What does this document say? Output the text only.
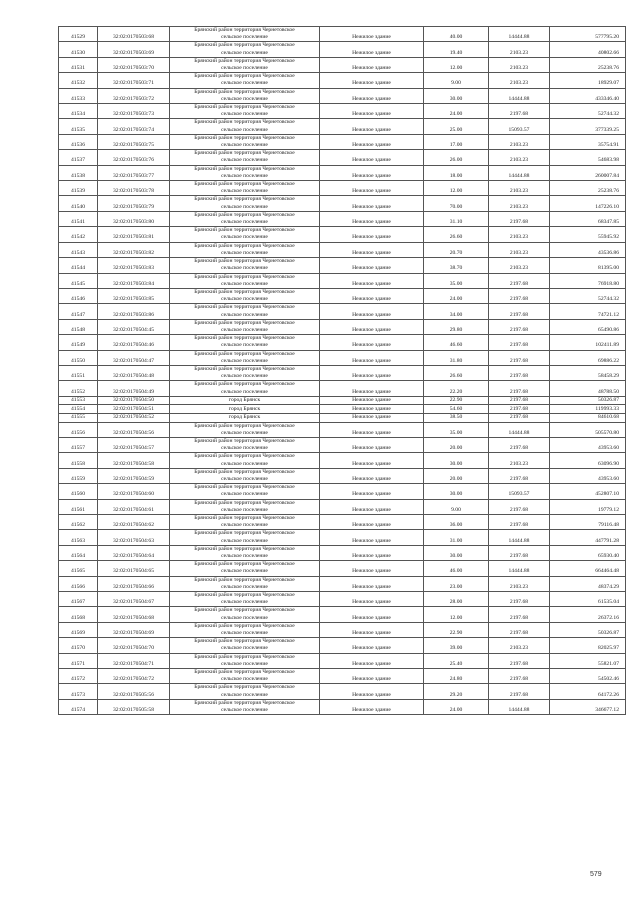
41529	32:02:0170503:68	Брянский район территория Чернетовское
сельское поселение	Нежилое здание	40.00	14444.88	577795.20
41530	32:02:0170503:69	Брянский район территория Чернетовское
сельское поселение	Нежилое здание	19.40	2103.23	40802.66
41531	32:02:0170503:70	Брянский район территория Чернетовское
сельское поселение	Нежилое здание	12.00	2103.23	25238.76
41532	32:02:0170503:71	Брянский район территория Чернетовское
сельское поселение	Нежилое здание	9.00	2103.23	18929.07
41533	32:02:0170503:72	Брянский район территория Чернетовское
сельское поселение	Нежилое здание	30.00	14444.88	433346.40
41534	32:02:0170503:73	Брянский район территория Чернетовское
сельское поселение	Нежилое здание	24.00	2197.68	52744.32
41535	32:02:0170503:74	Брянский район территория Чернетовское
сельское поселение	Нежилое здание	25.00	15093.57	377339.25
41536	32:02:0170503:75	Брянский район территория Чернетовское
сельское поселение	Нежилое здание	17.00	2103.23	35754.91
41537	32:02:0170503:76	Брянский район территория Чернетовское
сельское поселение	Нежилое здание	26.00	2103.23	54683.98
41538	32:02:0170503:77	Брянский район территория Чернетовское
сельское поселение	Нежилое здание	18.00	14444.88	260007.84
41539	32:02:0170503:78	Брянский район территория Чернетовское
сельское поселение	Нежилое здание	12.00	2103.23	25238.76
41540	32:02:0170503:79	Брянский район территория Чернетовское
сельское поселение	Нежилое здание	70.00	2103.23	147226.10
41541	32:02:0170503:80	Брянский район территория Чернетовское
сельское поселение	Нежилое здание	31.10	2197.68	68347.85
41542	32:02:0170503:81	Брянский район территория Чернетовское
сельское поселение	Нежилое здание	26.60	2103.23	55945.92
41543	32:02:0170503:82	Брянский район территория Чернетовское
сельское поселение	Нежилое здание	20.70	2103.23	43536.86
41544	32:02:0170503:83	Брянский район территория Чернетовское
сельское поселение	Нежилое здание	38.70	2103.23	81395.00
41545	32:02:0170503:84	Брянский район территория Чернетовское
сельское поселение	Нежилое здание	35.00	2197.68	76918.80
41546	32:02:0170503:85	Брянский район территория Чернетовское
сельское поселение	Нежилое здание	24.00	2197.68	52744.32
41547	32:02:0170503:86	Брянский район территория Чернетовское
сельское поселение	Нежилое здание	34.00	2197.68	74721.12
41548	32:02:0170504:45	Брянский район территория Чернетовское
сельское поселение	Нежилое здание	29.80	2197.68	65490.86
41549	32:02:0170504:46	Брянский район территория Чернетовское
сельское поселение	Нежилое здание	46.60	2197.68	102411.89
41550	32:02:0170504:47	Брянский район территория Чернетовское
сельское поселение	Нежилое здание	31.80	2197.68	69886.22
41551	32:02:0170504:48	Брянский район территория Чернетовское
сельское поселение	Нежилое здание	26.60	2197.68	58458.29
41552	32:02:0170504:49	Брянский район территория Чернетовское
сельское поселение	Нежилое здание	22.20	2197.68	48788.50
41553	32:02:0170504:50	город Брянск	Нежилое здание	22.90	2197.68	50326.87
41554	32:02:0170504:51	город Брянск	Нежилое здание	54.60	2197.68	119993.33
41555	32:02:0170504:52	город Брянск	Нежилое здание	38.50	2197.68	84610.68
41556	32:02:0170504:56	Брянский район территория Чернетовское
сельское поселение	Нежилое здание	35.00	14444.88	505570.80
41557	32:02:0170504:57	Брянский район территория Чернетовское
сельское поселение	Нежилое здание	20.00	2197.68	43953.60
41558	32:02:0170504:58	Брянский район территория Чернетовское
сельское поселение	Нежилое здание	30.00	2103.23	63096.90
41559	32:02:0170504:59	Брянский район территория Чернетовское
сельское поселение	Нежилое здание	20.00	2197.68	43953.60
41560	32:02:0170504:60	Брянский район территория Чернетовское
сельское поселение	Нежилое здание	30.00	15093.57	452807.10
41561	32:02:0170504:61	Брянский район территория Чернетовское
сельское поселение	Нежилое здание	9.00	2197.68	19779.12
41562	32:02:0170504:62	Брянский район территория Чернетовское
сельское поселение	Нежилое здание	36.00	2197.68	79116.48
41563	32:02:0170504:63	Брянский район территория Чернетовское
сельское поселение	Нежилое здание	31.00	14444.88	447791.28
41564	32:02:0170504:64	Брянский район территория Чернетовское
сельское поселение	Нежилое здание	30.00	2197.68	65930.40
41565	32:02:0170504:65	Брянский район территория Чернетовское
сельское поселение	Нежилое здание	46.00	14444.88	664464.48
41566	32:02:0170504:66	Брянский район территория Чернетовское
сельское поселение	Нежилое здание	23.00	2103.23	48374.29
41567	32:02:0170504:67	Брянский район территория Чернетовское
сельское поселение	Нежилое здание	28.00	2197.68	61535.04
41568	32:02:0170504:68	Брянский район территория Чернетовское
сельское поселение	Нежилое здание	12.00	2197.68	26372.16
41569	32:02:0170504:69	Брянский район территория Чернетовское
сельское поселение	Нежилое здание	22.90	2197.68	50326.87
41570	32:02:0170504:70	Брянский район территория Чернетовское
сельское поселение	Нежилое здание	39.00	2103.23	82025.97
41571	32:02:0170504:71	Брянский район территория Чернетовское
сельское поселение	Нежилое здание	25.40	2197.68	55821.07
41572	32:02:0170504:72	Брянский район территория Чернетовское
сельское поселение	Нежилое здание	24.80	2197.68	54502.46
41573	32:02:0170505:56	Брянский район территория Чернетовское
сельское поселение	Нежилое здание	29.20	2197.68	64172.26
41574	32:02:0170505:58	Брянский район территория Чернетовское
сельское поселение	Нежилое здание	24.00	14444.88	346677.12
579
